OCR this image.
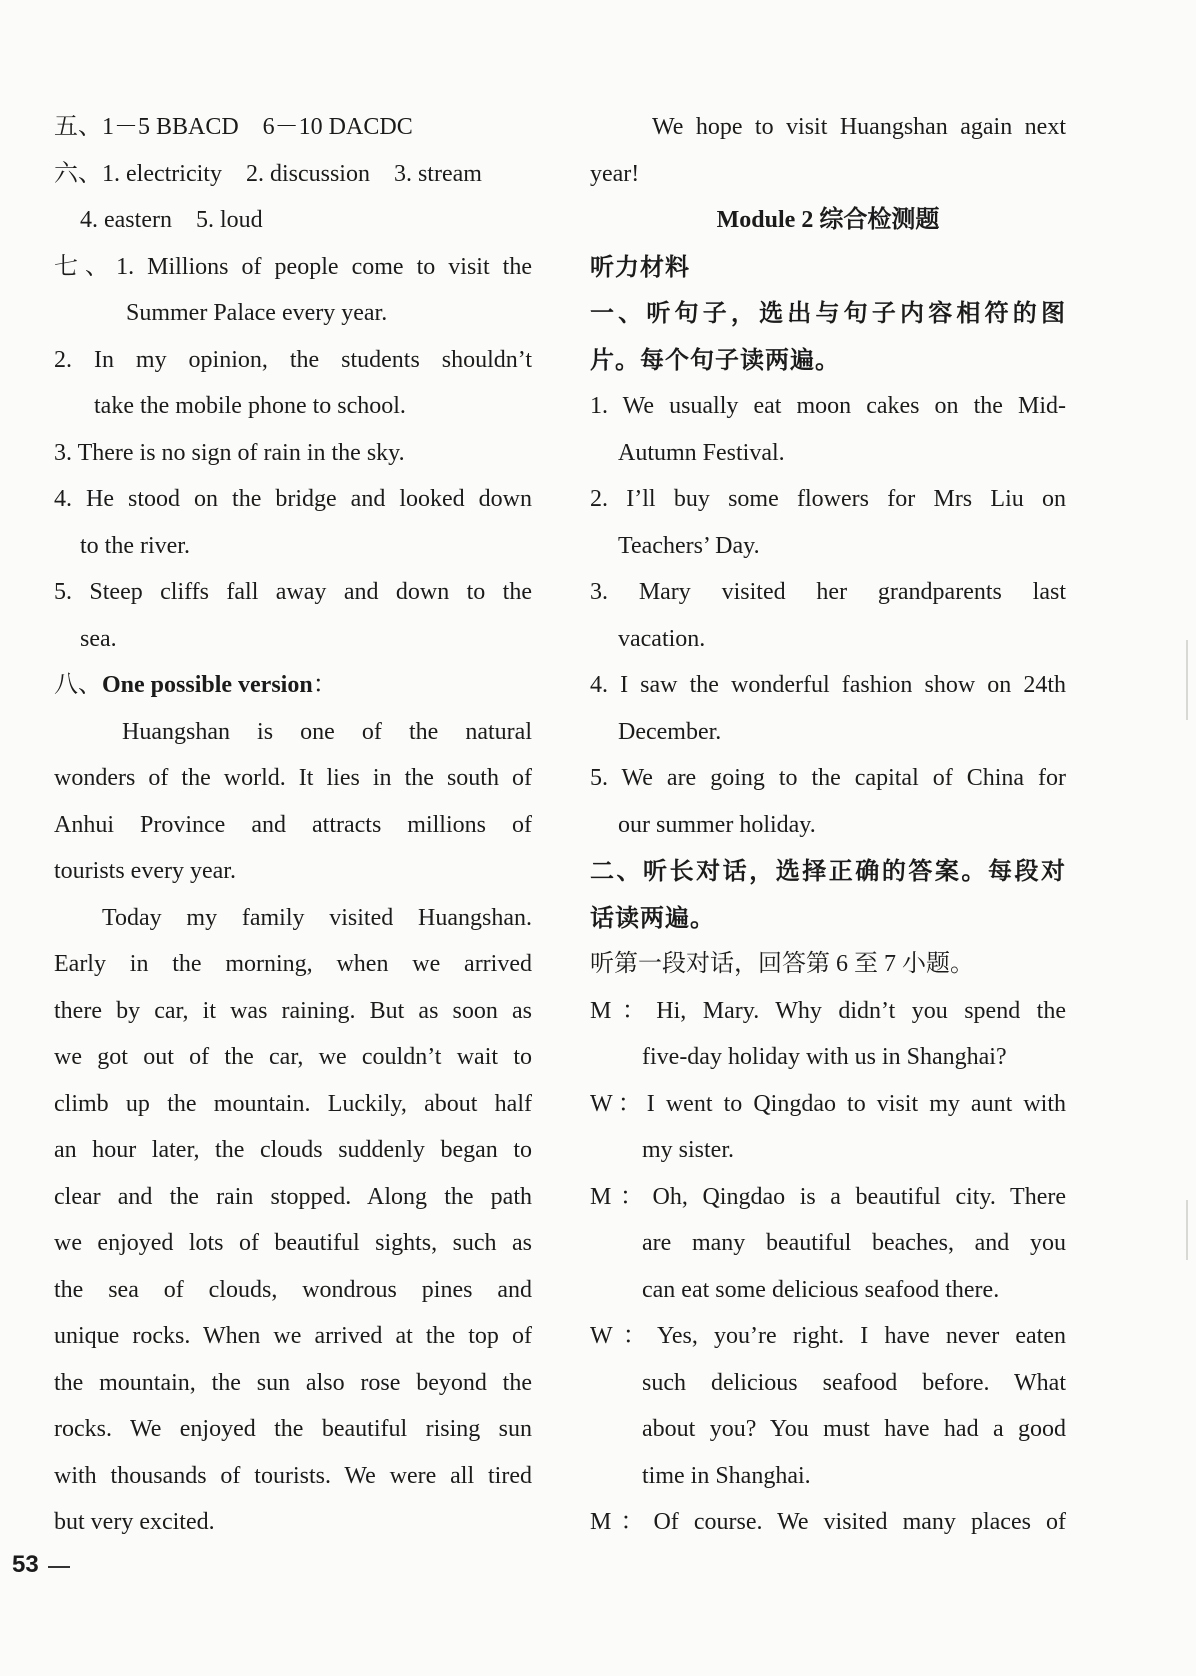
五、1－5 BBACD　6－10 DACDC
六、1. electricity　2. discussion　3. stream
4. eastern　5. loud
七、1. Millions of people come to visit the
Summer Palace every year.
2. In my opinion, the students shouldn’t
take the mobile phone to school.
3. There is no sign of rain in the sky.
4. He stood on the bridge and looked down
to the river.
5. Steep cliffs fall away and down to the
sea.
八、One possible version：
Huangshan is one of the natural
wonders of the world. It lies in the south of
Anhui Province and attracts millions of
tourists every year.
Today my family visited Huangshan.
Early in the morning, when we arrived
there by car, it was raining. But as soon as
we got out of the car, we couldn’t wait to
climb up the mountain. Luckily, about half
an hour later, the clouds suddenly began to
clear and the rain stopped. Along the path
we enjoyed lots of beautiful sights, such as
the sea of clouds, wondrous pines and
unique rocks. When we arrived at the top of
the mountain, the sun also rose beyond the
rocks. We enjoyed the beautiful rising sun
with thousands of tourists. We were all tired
but very excited.
We hope to visit Huangshan again next
year!
Module 2 综合检测题
听力材料
一、听句子，选出与句子内容相符的图
片。每个句子读两遍。
1. We usually eat moon cakes on the Mid-
Autumn Festival.
2. I’ll buy some flowers for Mrs Liu on
Teachers’ Day.
3. Mary visited her grandparents last
vacation.
4. I saw the wonderful fashion show on 24th
December.
5. We are going to the capital of China for
our summer holiday.
二、听长对话，选择正确的答案。每段对
话读两遍。
听第一段对话，回答第 6 至 7 小题。
M：Hi, Mary. Why didn’t you spend the
five-day holiday with us in Shanghai?
W：I went to Qingdao to visit my aunt with
my sister.
M：Oh, Qingdao is a beautiful city. There
are many beautiful beaches, and you
can eat some delicious seafood there.
W：Yes, you’re right. I have never eaten
such delicious seafood before. What
about you? You must have had a good
time in Shanghai.
M：Of course. We visited many places of
53
